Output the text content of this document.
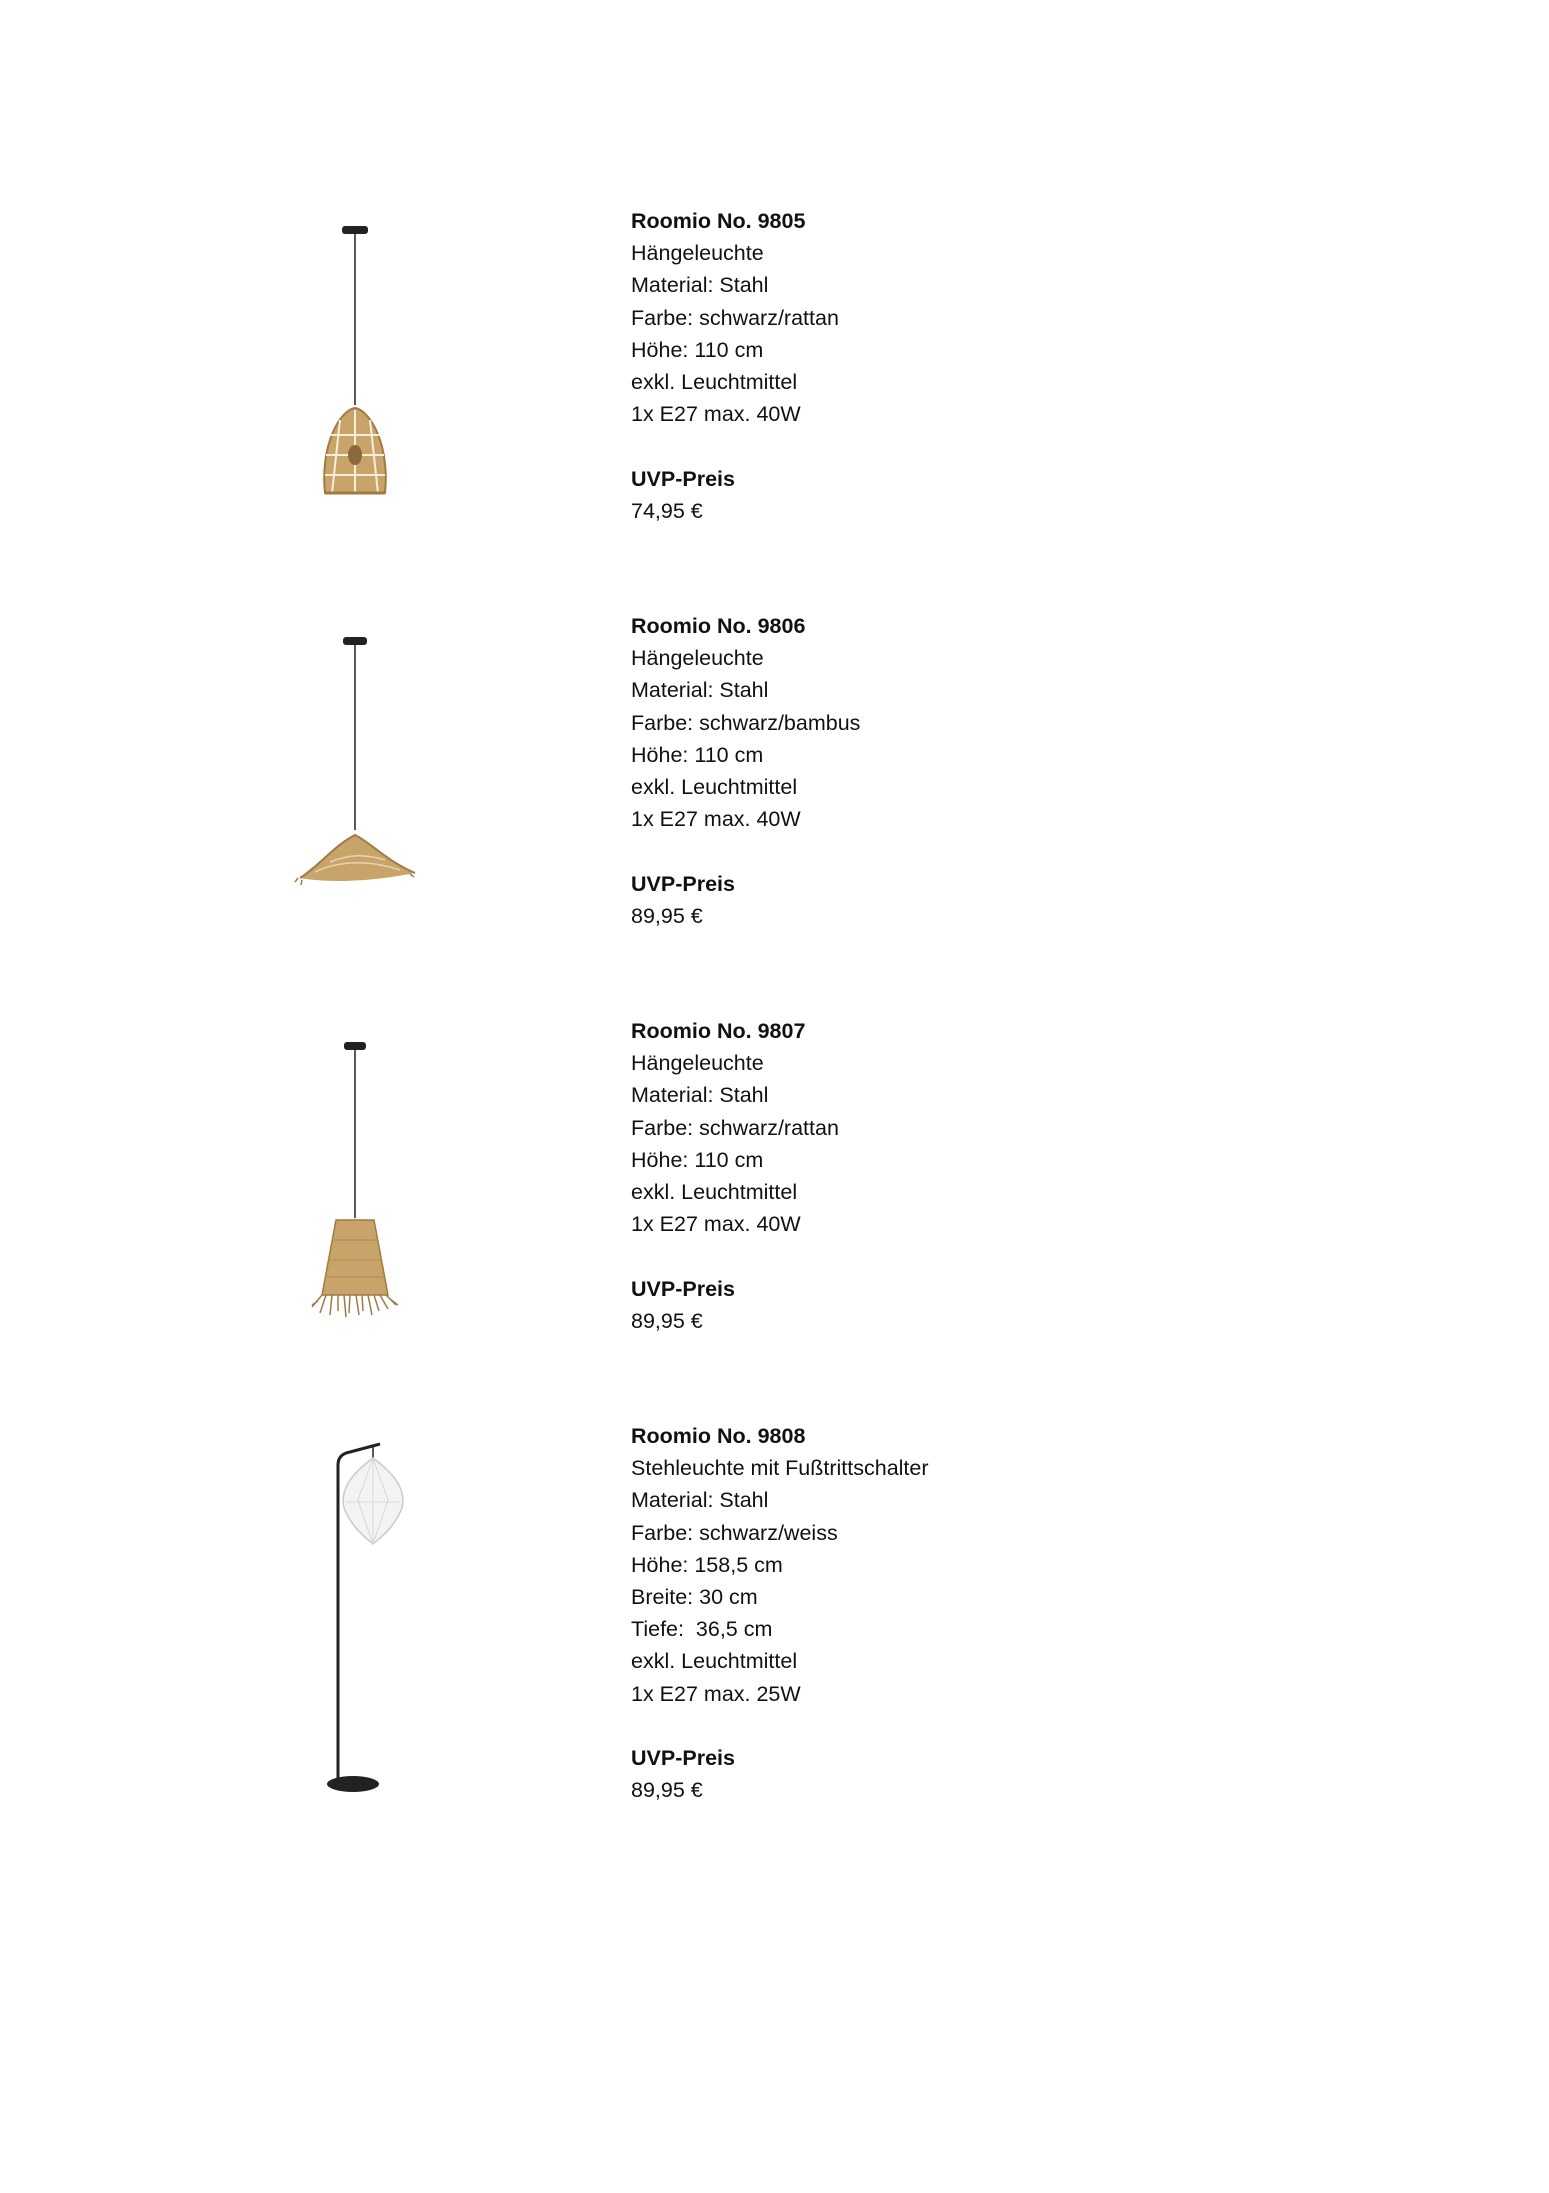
Roomio No. 9805
Hängeleuchte
Material: Stahl
Farbe: schwarz/rattan
Höhe: 110 cm
exkl. Leuchtmittel
1x E27 max. 40W
UVP-Preis
74,95 €
Roomio No. 9806
Hängeleuchte
Material: Stahl
Farbe: schwarz/bambus
Höhe: 110 cm
exkl. Leuchtmittel
1x E27 max. 40W
UVP-Preis
89,95 €
Roomio No. 9807
Hängeleuchte
Material: Stahl
Farbe: schwarz/rattan
Höhe: 110 cm
exkl. Leuchtmittel
1x E27 max. 40W
UVP-Preis
89,95 €
Roomio No. 9808
Stehleuchte mit Fußtrittschalter
Material: Stahl
Farbe: schwarz/weiss
Höhe: 158,5 cm
Breite: 30 cm
Tiefe:  36,5 cm
exkl. Leuchtmittel
1x E27 max. 25W
UVP-Preis
89,95 €
